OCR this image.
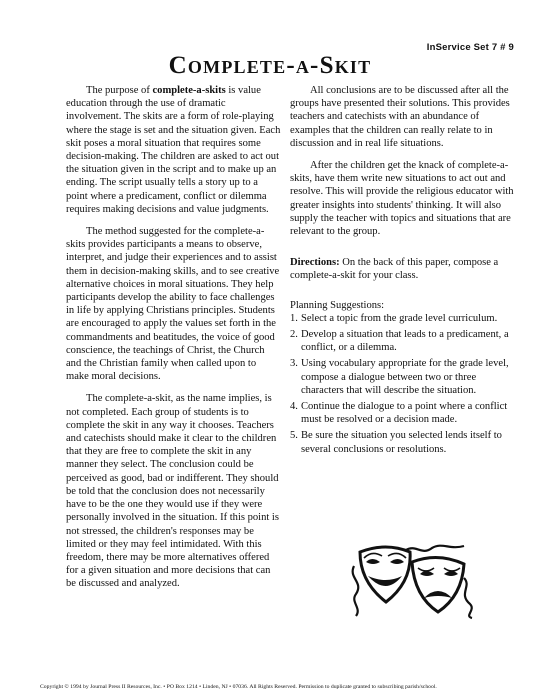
InService Set 7 # 9
Complete-a-Skit

The purpose of complete-a-skits is value education through the use of dramatic involvement. The skits are a form of role-playing where the stage is set and the situation given. Each skit poses a moral situation that requires some decision-making. The children are asked to act out the situation given in the script and to make up an ending. The script usually tells a story up to a point where a predicament, conflict or dilemma requires making decisions and value judgments.

The method suggested for the complete-a-skits provides participants a means to observe, interpret, and judge their experiences and to assist them in decision-making skills, and to see creative alternative choices in moral situations. They help participants develop the ability to face challenges in life by applying Christians principles. Students are encouraged to apply the values set forth in the commandments and beatitudes, the voice of good conscience, the teachings of Christ, the Church and the Christian family when called upon to make moral decisions.

The complete-a-skit, as the name implies, is not completed. Each group of students is to complete the skit in any way it chooses. Teachers and catechists should make it clear to the children that they are free to complete the skit in any manner they select. The conclusion could be perceived as good, bad or indifferent. They should be told that the conclusion does not necessarily have to be the one they would use if they were personally involved in the situation. If this point is not stressed, the children's responses may be limited or they may feel intimidated. With this freedom, there may be more alternatives offered for a given situation and more decisions that can be discussed and analyzed.

All conclusions are to be discussed after all the groups have presented their solutions. This provides teachers and catechists with an abundance of examples that the children can really relate to in discussion and in real life situations.

After the children get the knack of complete-a-skits, have them write new situations to act out and resolve. This will provide the religious educator with greater insights into students' thinking. It will also supply the teacher with topics and situations that are relevant to the group.

Directions: On the back of this paper, compose a complete-a-skit for your class.

Planning Suggestions:
Select a topic from the grade level curriculum.
Develop a situation that leads to a predicament, a conflict, or a dilemma.
Using vocabulary appropriate for the grade level, compose a dialogue between two or three characters that will describe the situation.
Continue the dialogue to a point where a conflict must be resolved or a decision made.
Be sure the situation you selected lends itself to several conclusions or resolutions.
Copyright © 1994 by Journal Press II Resources, Inc. • PO Box 1214 • Linden, NJ • 07036. All Rights Reserved. Permission to duplicate granted to subscribing parish/school.
